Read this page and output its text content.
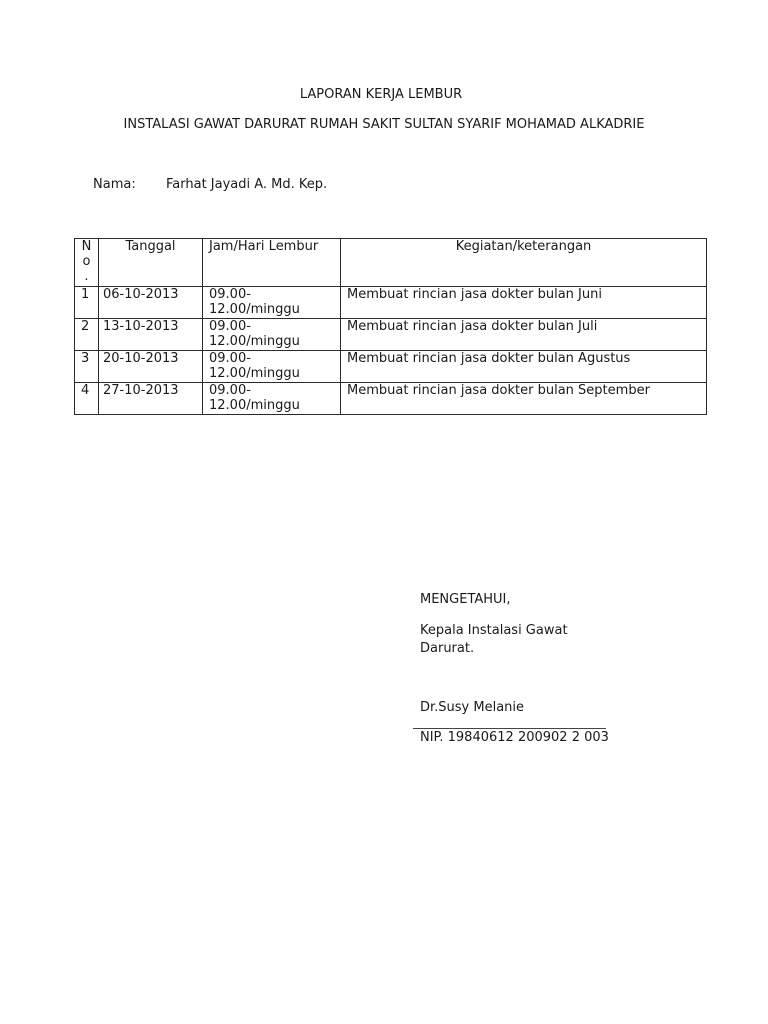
LAPORAN KERJA LEMBUR
INSTALASI GAWAT DARURAT RUMAH SAKIT SULTAN SYARIF MOHAMAD ALKADRIE
Nama: Farhat Jayadi A. Md. Kep.
N
o
.	Tanggal	Jam/Hari Lembur	Kegiatan/keterangan
1	06-10-2013	09.00-12.00/minggu	Membuat rincian jasa dokter bulan Juni
2	13-10-2013	09.00-12.00/minggu	Membuat rincian jasa dokter bulan Juli
3	20-10-2013	09.00-12.00/minggu	Membuat rincian jasa dokter bulan Agustus
4	27-10-2013	09.00-12.00/minggu	Membuat rincian jasa dokter bulan September
MENGETAHUI,
Kepala Instalasi Gawat Darurat.
Dr.Susy Melanie
NIP. 19840612 200902 2 003
